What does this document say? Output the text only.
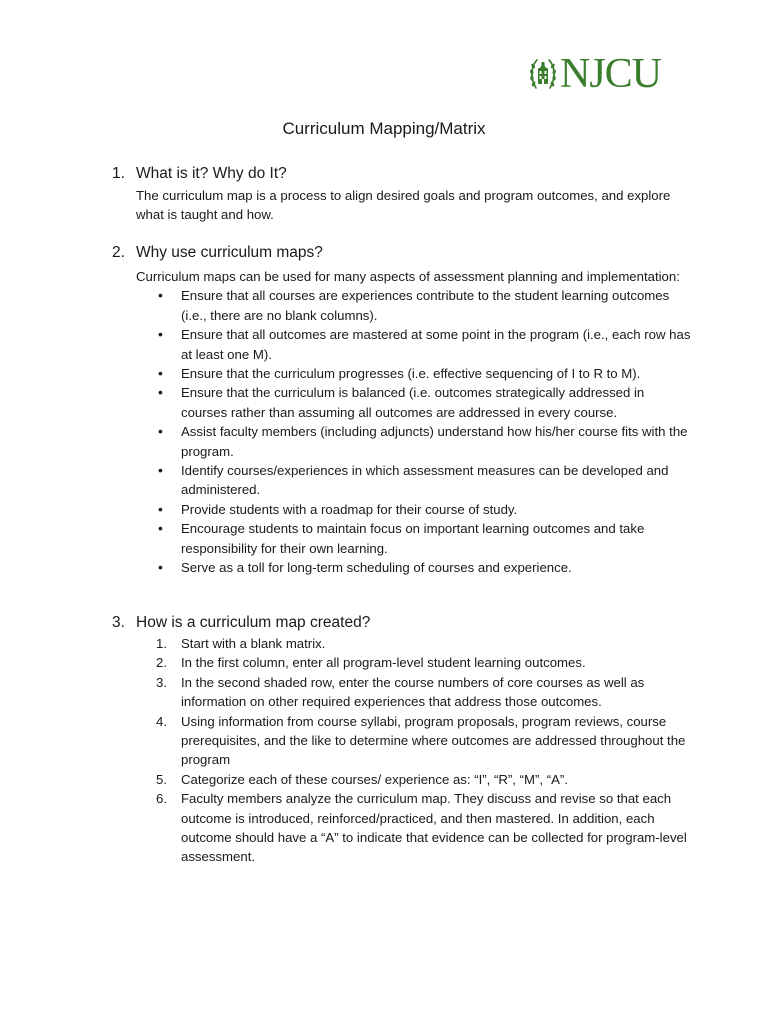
NJCU
Curriculum Mapping/Matrix
1. What is it? Why do It?

The curriculum map is a process to align desired goals and program outcomes, and explore what is taught and how.

2. Why use curriculum maps?

Curriculum maps can be used for many aspects of assessment planning and implementation:

• Ensure that all courses are experiences contribute to the student learning outcomes (i.e., there are no blank columns).
• Ensure that all outcomes are mastered at some point in the program (i.e., each row has at least one M).
• Ensure that the curriculum progresses (i.e. effective sequencing of I to R to M).
• Ensure that the curriculum is balanced (i.e. outcomes strategically addressed in courses rather than assuming all outcomes are addressed in every course.
• Assist faculty members (including adjuncts) understand how his/her course fits with the program.
• Identify courses/experiences in which assessment measures can be developed and administered.
• Provide students with a roadmap for their course of study.
• Encourage students to maintain focus on important learning outcomes and take responsibility for their own learning.
• Serve as a toll for long-term scheduling of courses and experience.
3. How is a curriculum map created?
1. Start with a blank matrix.
2. In the first column, enter all program-level student learning outcomes.
3. In the second shaded row, enter the course numbers of core courses as well as information on other required experiences that address those outcomes.
4. Using information from course syllabi, program proposals, program reviews, course prerequisites, and the like to determine where outcomes are addressed throughout the program
5. Categorize each of these courses/ experience as: “I”, “R”, “M”, “A”.
6. Faculty members analyze the curriculum map. They discuss and revise so that each outcome is introduced, reinforced/practiced, and then mastered. In addition, each outcome should have a “A” to indicate that evidence can be collected for program-level assessment.
